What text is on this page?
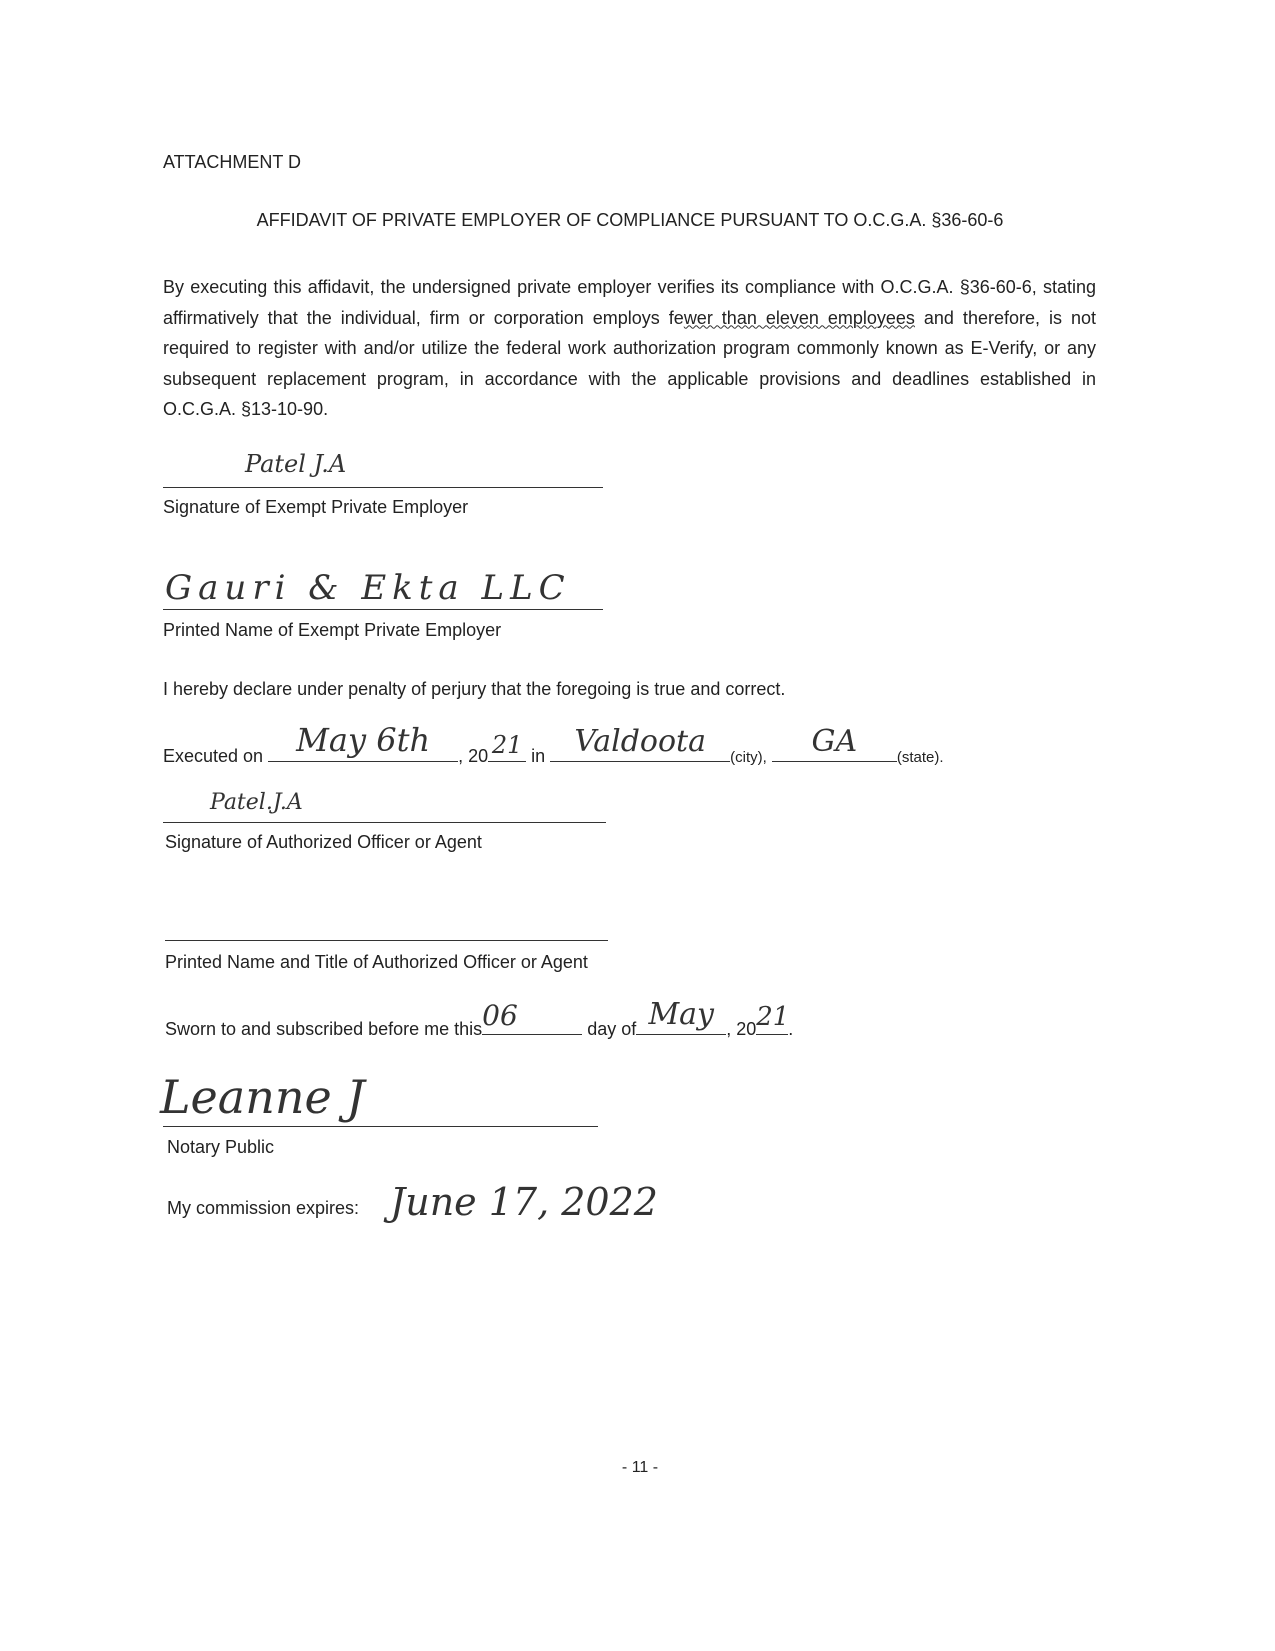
ATTACHMENT D
AFFIDAVIT OF PRIVATE EMPLOYER OF COMPLIANCE PURSUANT TO O.C.G.A. §36-60-6
By executing this affidavit, the undersigned private employer verifies its compliance with O.C.G.A. §36-60-6, stating affirmatively that the individual, firm or corporation employs fewer than eleven employees and therefore, is not required to register with and/or utilize the federal work authorization program commonly known as E-Verify, or any subsequent replacement program, in accordance with the applicable provisions and deadlines established in O.C.G.A. §13-10-90.
Patel J.A
Signature of Exempt Private Employer
Gauri & Ekta LLC
Printed Name of Exempt Private Employer
I hereby declare under penalty of perjury that the foregoing is true and correct.
Executed on	May 6th	, 20 21 in Valdoota	(city),	GA	(state).
Patel.J.A
Signature of Authorized Officer or Agent
Printed Name and Title of Authorized Officer or Agent
Sworn to and subscribed before me this 06	day of May , 20 21
.
Leanne J
Notary Public
My commission expires: June 17, 2022
- 11 -
